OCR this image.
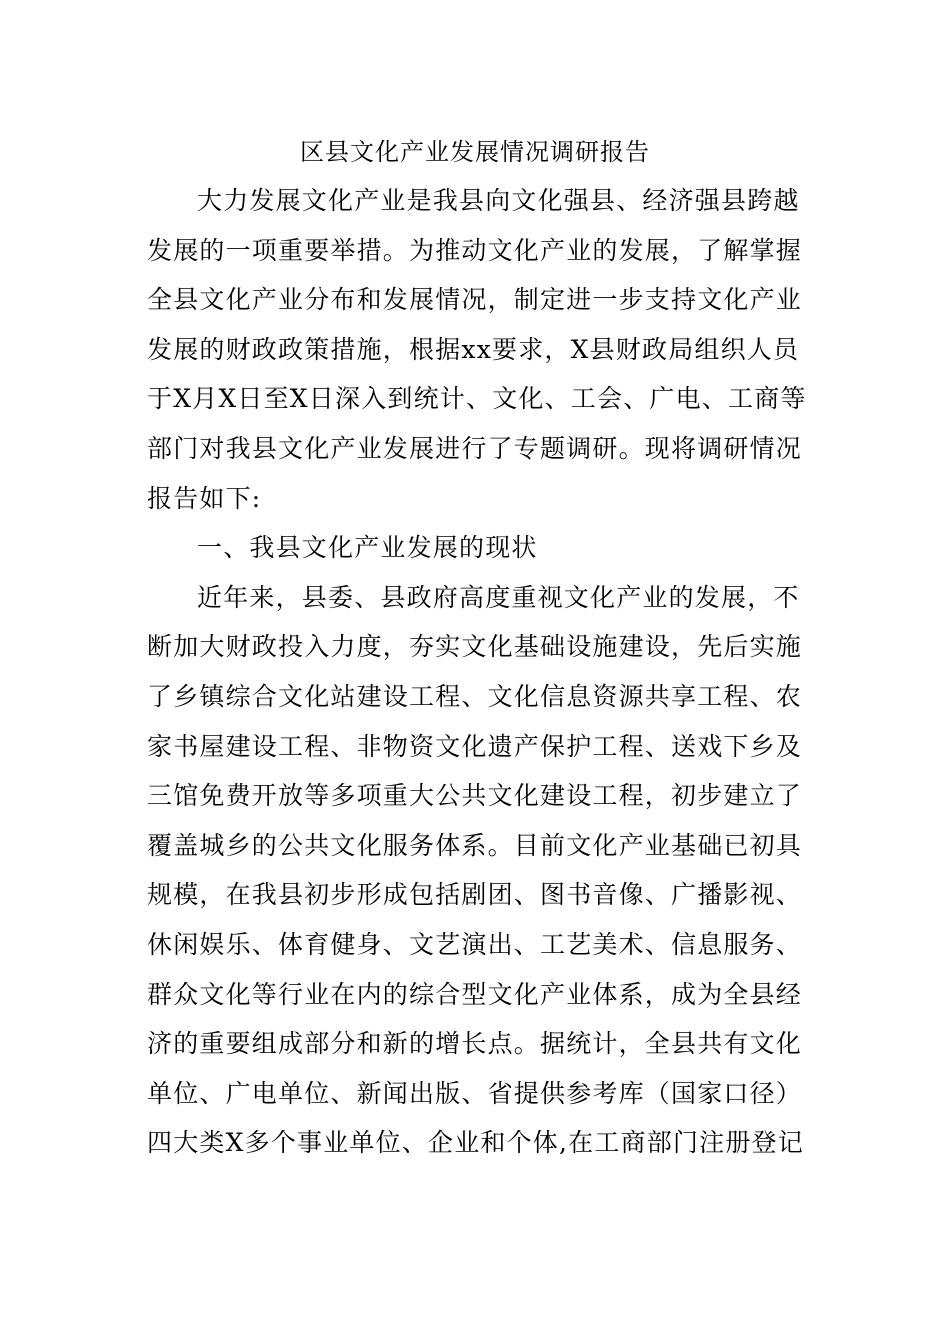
区县文化产业发展情况调研报告
大力发展文化产业是我县向文化强县、经济强县跨越
发展的一项重要举措。为推动文化产业的发展，了解掌握
全县文化产业分布和发展情况，制定进一步支持文化产业
发展的财政政策措施，根据xx要求，X县财政局组织人员
于X月X日至X日深入到统计、文化、工会、广电、工商等
部门对我县文化产业发展进行了专题调研。现将调研情况
报告如下:
一、我县文化产业发展的现状
近年来，县委、县政府高度重视文化产业的发展，不
断加大财政投入力度，夯实文化基础设施建设，先后实施
了乡镇综合文化站建设工程、文化信息资源共享工程、农
家书屋建设工程、非物资文化遗产保护工程、送戏下乡及
三馆免费开放等多项重大公共文化建设工程，初步建立了
覆盖城乡的公共文化服务体系。目前文化产业基础已初具
规模，在我县初步形成包括剧团、图书音像、广播影视、
休闲娱乐、体育健身、文艺演出、工艺美术、信息服务、
群众文化等行业在内的综合型文化产业体系，成为全县经
济的重要组成部分和新的增长点。据统计，全县共有文化
单位、广电单位、新闻出版、省提供参考库（国家口径）
四大类X多个事业单位、企业和个体,在工商部门注册登记
